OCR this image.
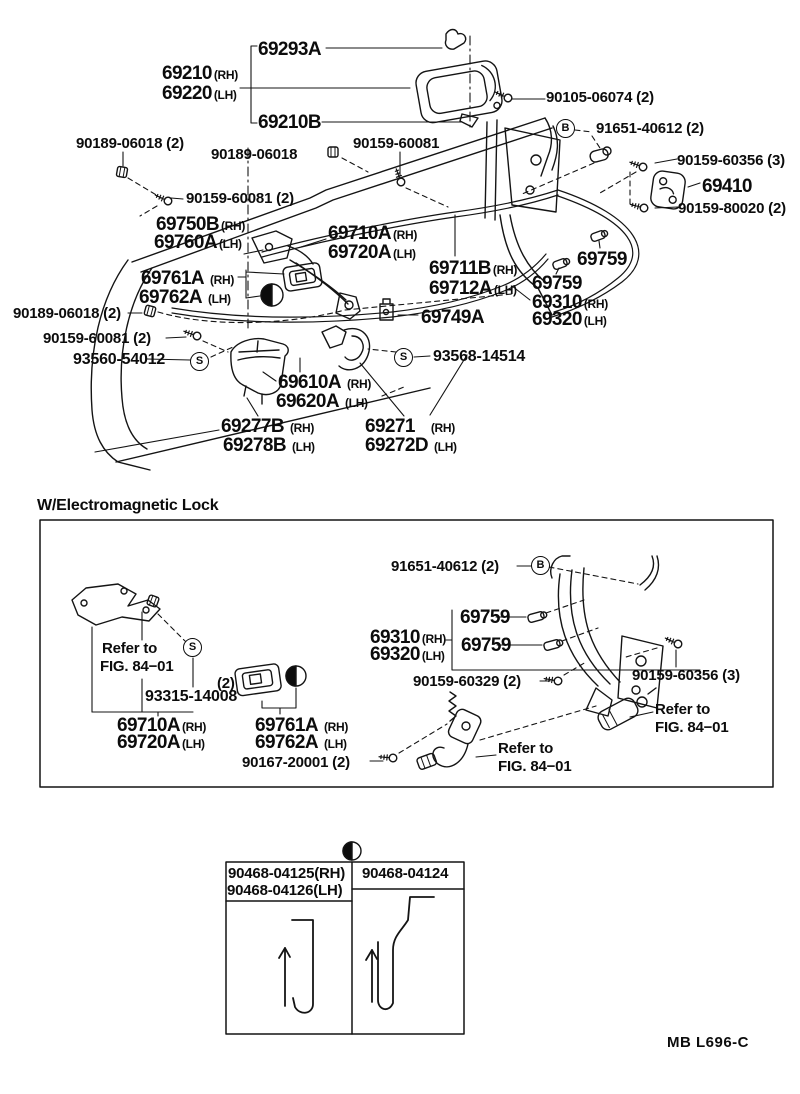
69293A
69210 (RH)
69220 (LH)
69210B
90105-06074 (2)
91651-40612 (2)
90189-06018 (2)
90189-06018
90159-60081
90159-60356 (3)
69410
90159-80020 (2)
90159-60081 (2)
69750B (RH)
69760A (LH)	69710A (RH)
69720A (LH)
69761A (RH)
69762A (LH)
69711B (RH)
69712A (LH)
69759
69759
69310 (RH)
69320 (LH)
90189-06018 (2)
90159-60081 (2)
93560-54012
69749A
93568-14514
69610A (RH)
69620A (LH)
69277B (RH)
69278B (LH)
69271 (RH)
69272D (LH)
W/Electromagnetic Lock
91651-40612 (2)
69759
69759
69310 (RH)
69320 (LH)
90159-60329 (2)	90159-60356 (3)
Refer to
FIG. 84−01
(2)
93315-14008
69710A (RH)
69720A (LH)
69761A (RH)
69762A (LH)
90167-20001 (2)
Refer to
FIG. 84−01
Refer to
FIG. 84−01
90468-04125(RH)
90468-04126(LH)
90468-04124
B
S	S
B
S
MB L696-C
